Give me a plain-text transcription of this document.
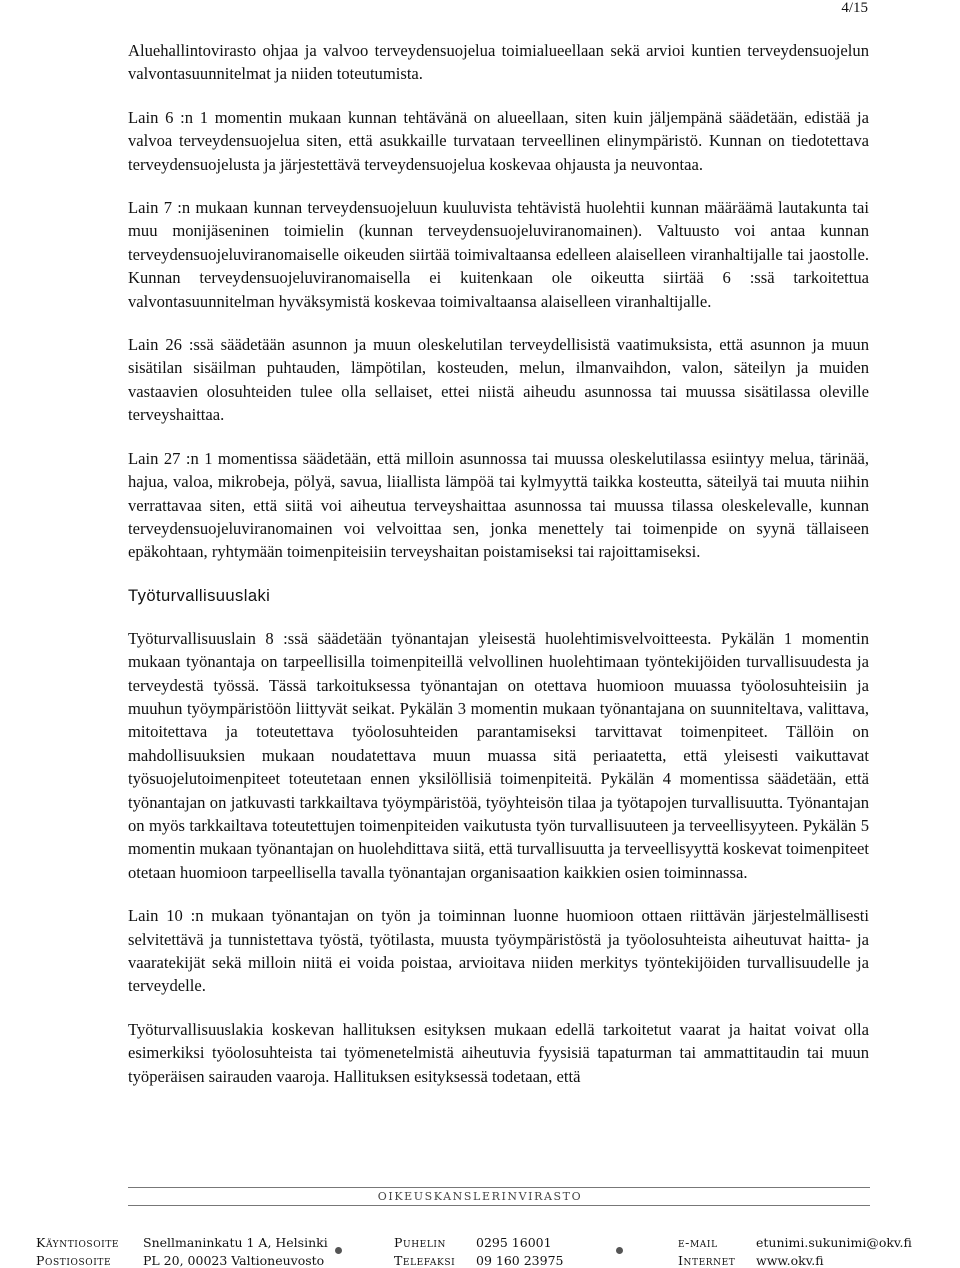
4/15

Aluehallintovirasto ohjaa ja valvoo terveydensuojelua toimialueellaan sekä arvioi kuntien terveydensuojelun valvontasuunnitelmat ja niiden toteutumista.

Lain 6 :n 1 momentin mukaan kunnan tehtävänä on alueellaan, siten kuin jäljempänä säädetään, edistää ja valvoa terveydensuojelua siten, että asukkaille turvataan terveellinen elinympäristö. Kunnan on tiedotettava terveydensuojelusta ja järjestettävä terveydensuojelua koskevaa ohjausta ja neuvontaa.

Lain 7 :n mukaan kunnan terveydensuojeluun kuuluvista tehtävistä huolehtii kunnan määräämä lautakunta tai muu monijäseninen toimielin (kunnan terveydensuojeluviranomainen). Valtuusto voi antaa kunnan terveydensuojeluviranomaiselle oikeuden siirtää toimivaltaansa edelleen alaiselleen viranhaltijalle tai jaostolle. Kunnan terveydensuojeluviranomaisella ei kuitenkaan ole oikeutta siirtää 6 :ssä tarkoitettua valvontasuunnitelman hyväksymistä koskevaa toimivaltaansa alaiselleen viranhaltijalle.

Lain 26 :ssä säädetään asunnon ja muun oleskelutilan terveydellisistä vaatimuksista, että asunnon ja muun sisätilan sisäilman puhtauden, lämpötilan, kosteuden, melun, ilmanvaihdon, valon, säteilyn ja muiden vastaavien olosuhteiden tulee olla sellaiset, ettei niistä aiheudu asunnossa tai muussa sisätilassa oleville terveyshaittaa.

Lain 27 :n 1 momentissa säädetään, että milloin asunnossa tai muussa oleskelutilassa esiintyy melua, tärinää, hajua, valoa, mikrobeja, pölyä, savua, liiallista lämpöä tai kylmyyttä taikka kosteutta, säteilyä tai muuta niihin verrattavaa siten, että siitä voi aiheutua terveyshaittaa asunnossa tai muussa tilassa oleskelevalle, kunnan terveydensuojeluviranomainen voi velvoittaa sen, jonka menettely tai toimenpide on syynä tällaiseen epäkohtaan, ryhtymään toimenpiteisiin terveyshaitan poistamiseksi tai rajoittamiseksi.

Työturvallisuuslaki

Työturvallisuuslain 8 :ssä säädetään työnantajan yleisestä huolehtimisvelvoitteesta. Pykälän 1 momentin mukaan työnantaja on tarpeellisilla toimenpiteillä velvollinen huolehtimaan työntekijöiden turvallisuudesta ja terveydestä työssä. Tässä tarkoituksessa työnantajan on otettava huomioon muuassa työolosuhteisiin ja muuhun työympäristöön liittyvät seikat. Pykälän 3 momentin mukaan työnantajana on suunniteltava, valittava, mitoitettava ja toteutettava työolosuhteiden parantamiseksi tarvittavat toimenpiteet. Tällöin on mahdollisuuksien mukaan noudatettava muun muassa sitä periaatetta, että yleisesti vaikuttavat työsuojelutoimenpiteet toteutetaan ennen yksilöllisiä toimenpiteitä. Pykälän 4 momentissa säädetään, että työnantajan on jatkuvasti tarkkailtava työympäristöä, työyhteisön tilaa ja työtapojen turvallisuutta. Työnantajan on myös tarkkailtava toteutettujen toimenpiteiden vaikutusta työn turvallisuuteen ja terveellisyyteen. Pykälän 5 momentin mukaan työnantajan on huolehdittava siitä, että turvallisuutta ja terveellisyyttä koskevat toimenpiteet otetaan huomioon tarpeellisella tavalla työnantajan organisaation kaikkien osien toiminnassa.

Lain 10 :n mukaan työnantajan on työn ja toiminnan luonne huomioon ottaen riittävän järjestelmällisesti selvitettävä ja tunnistettava työstä, työtilasta, muusta työympäristöstä ja työolosuhteista aiheutuvat haitta- ja vaaratekijät sekä milloin niitä ei voida poistaa, arvioitava niiden merkitys työntekijöiden turvallisuudelle ja terveydelle.

Työturvallisuuslakia koskevan hallituksen esityksen mukaan edellä tarkoitetut vaarat ja haitat voivat olla esimerkiksi työolosuhteista tai työmenetelmistä aiheutuvia fyysisiä tapaturman tai ammattitaudin tai muun työperäisen sairauden vaaroja. Hallituksen esityksessä todetaan, että

OIKEUSKANSLERINVIRASTO
Käyntiosoite Snellmaninkatu 1 A, Helsinki
Postiosoite	PL 20, 00023 Valtioneuvosto
Puhelin 0295 16001
Telefaksi 09 160 23975
e-mail	etunimi.sukunimi@okv.fi
Internet www.okv.fi
